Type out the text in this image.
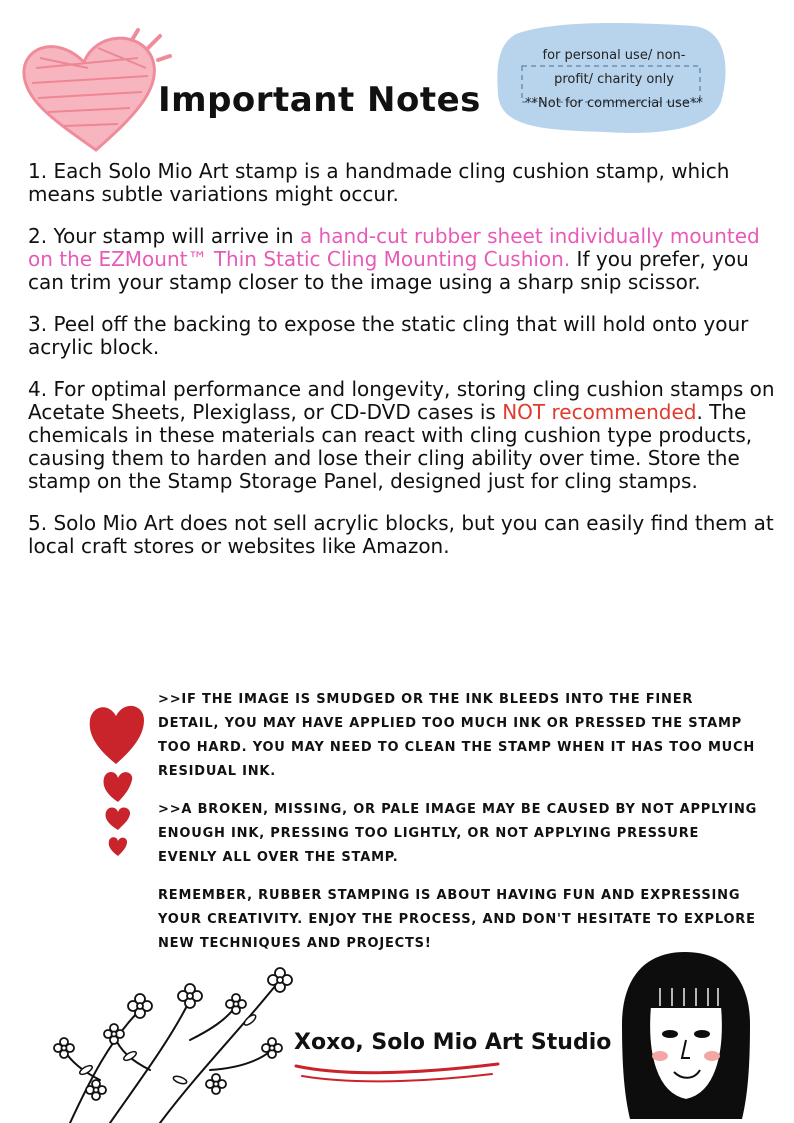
Important Notes
for personal use/ non-
profit/ charity only
**Not for commercial use**

1. Each Solo Mio Art stamp is a handmade cling cushion stamp, which means subtle variations might occur.

2. Your stamp will arrive in a hand-cut rubber sheet individually mounted on the EZMount™ Thin Static Cling Mounting Cushion. If you prefer, you can trim your stamp closer to the image using a sharp snip scissor.

3. Peel off the backing to expose the static cling that will hold onto your acrylic block.

4. For optimal performance and longevity, storing cling cushion stamps on Acetate Sheets, Plexiglass, or CD-DVD cases is NOT recommended. The chemicals in these materials can react with cling cushion type products, causing them to harden and lose their cling ability over time. Store the stamp on the Stamp Storage Panel, designed just for cling stamps.

5. Solo Mio Art does not sell acrylic blocks, but you can easily find them at local craft stores or websites like Amazon.

>>IF THE IMAGE IS SMUDGED OR THE INK BLEEDS INTO THE FINER DETAIL, YOU MAY HAVE APPLIED TOO MUCH INK OR PRESSED THE STAMP TOO HARD. YOU MAY NEED TO CLEAN THE STAMP WHEN IT HAS TOO MUCH RESIDUAL INK.

>>A BROKEN, MISSING, OR PALE IMAGE MAY BE CAUSED BY NOT APPLYING ENOUGH INK, PRESSING TOO LIGHTLY, OR NOT APPLYING PRESSURE EVENLY ALL OVER THE STAMP.

REMEMBER, RUBBER STAMPING IS ABOUT HAVING FUN AND EXPRESSING YOUR CREATIVITY. ENJOY THE PROCESS, AND DON'T HESITATE TO EXPLORE NEW TECHNIQUES AND PROJECTS!

Xoxo, Solo Mio Art Studio
